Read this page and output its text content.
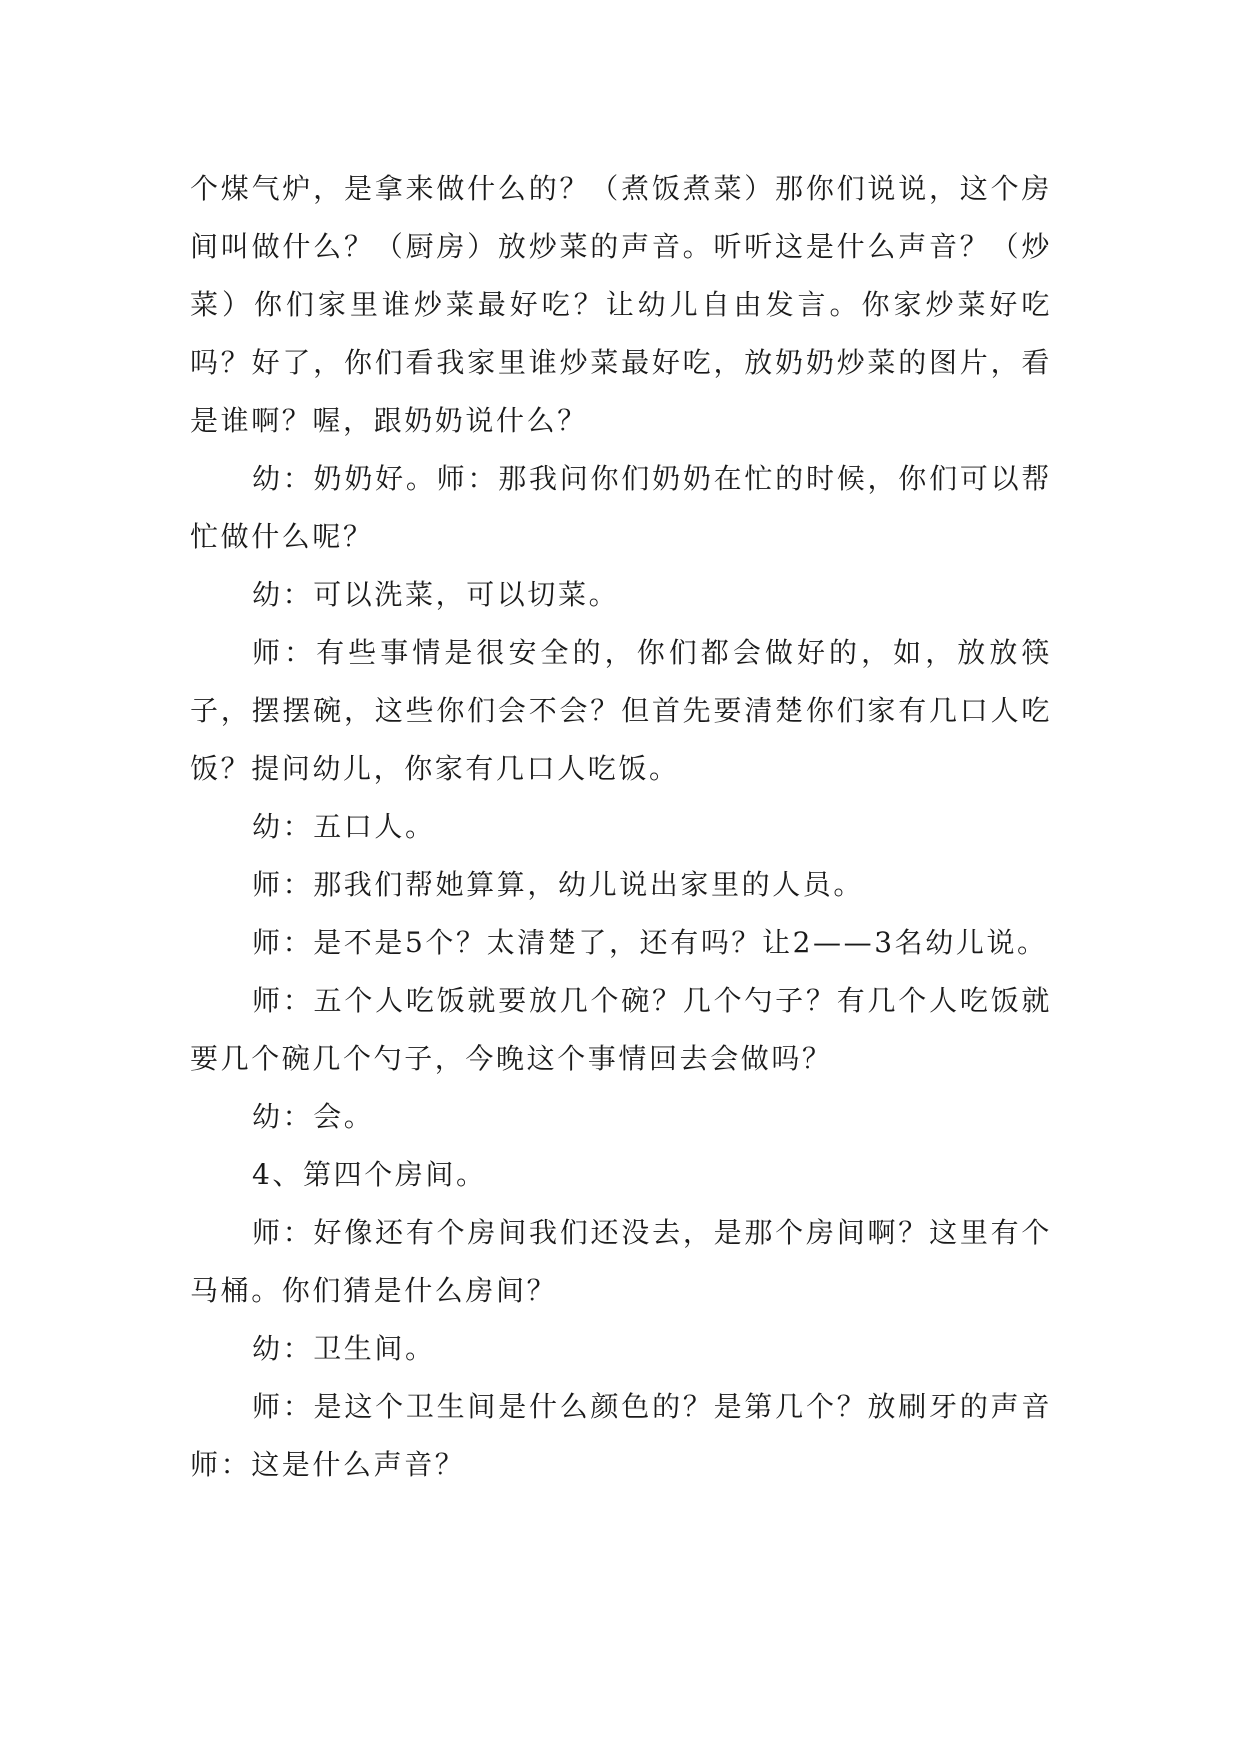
个煤气炉，是拿来做什么的？（煮饭煮菜）那你们说说，这个房间叫做什么？（厨房）放炒菜的声音。听听这是什么声音？（炒菜）你们家里谁炒菜最好吃？让幼儿自由发言。你家炒菜好吃吗？好了，你们看我家里谁炒菜最好吃，放奶奶炒菜的图片，看是谁啊？喔，跟奶奶说什么？

幼：奶奶好。师：那我问你们奶奶在忙的时候，你们可以帮忙做什么呢？

幼：可以洗菜，可以切菜。

师：有些事情是很安全的，你们都会做好的，如，放放筷子，摆摆碗，这些你们会不会？但首先要清楚你们家有几口人吃饭？提问幼儿，你家有几口人吃饭。

幼：五口人。

师：那我们帮她算算，幼儿说出家里的人员。

师：是不是5个？太清楚了，还有吗？让2——3名幼儿说。

师：五个人吃饭就要放几个碗？几个勺子？有几个人吃饭就要几个碗几个勺子，今晚这个事情回去会做吗？

幼：会。

4、第四个房间。

师：好像还有个房间我们还没去，是那个房间啊？这里有个马桶。你们猜是什么房间？

幼：卫生间。

师：是这个卫生间是什么颜色的？是第几个？放刷牙的声音师：这是什么声音？
